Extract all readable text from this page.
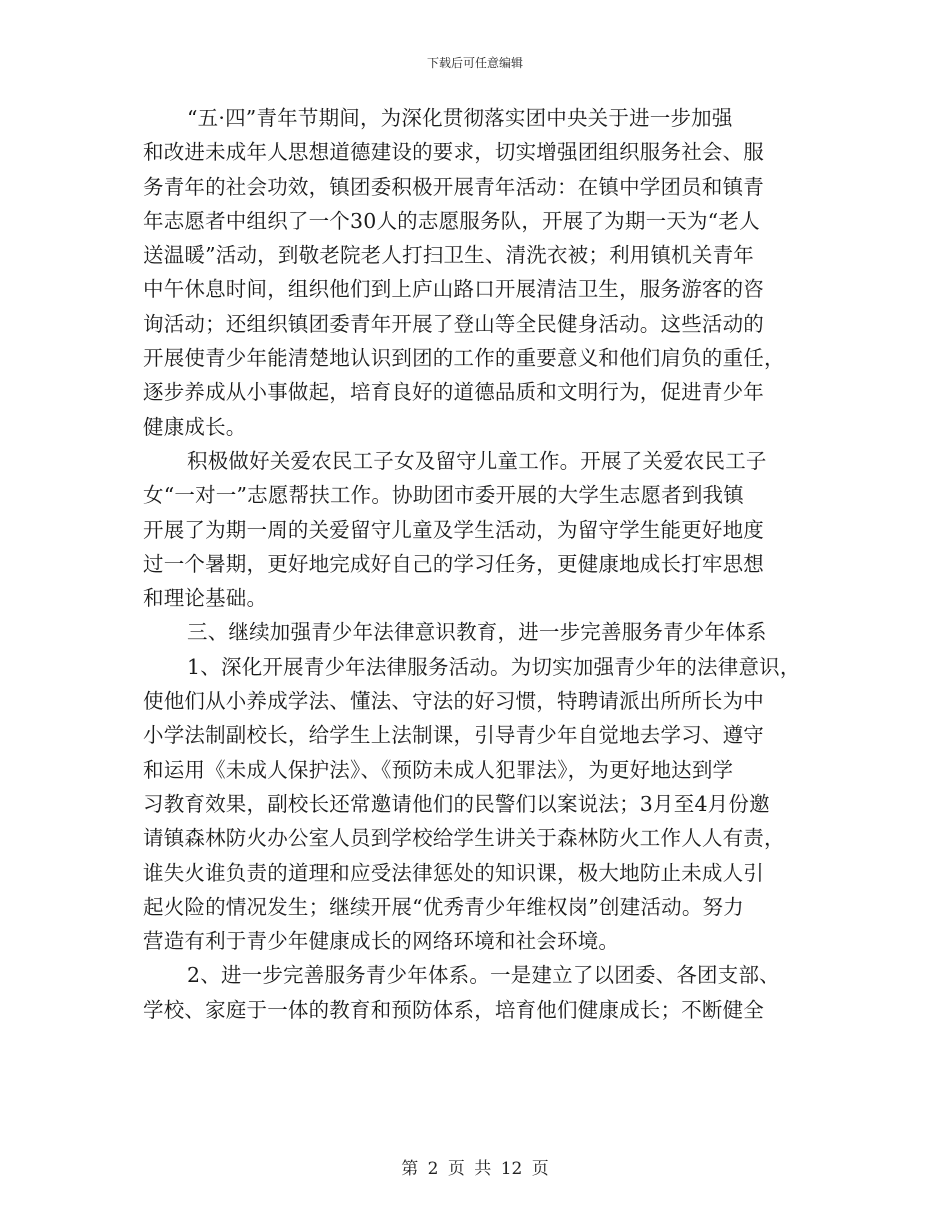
下载后可任意编辑
“五·四”青年节期间，为深化贯彻落实团中央关于进一步加强
和改进未成年人思想道德建设的要求，切实增强团组织服务社会、服
务青年的社会功效，镇团委积极开展青年活动：在镇中学团员和镇青
年志愿者中组织了一个30人的志愿服务队，开展了为期一天为“老人
送温暖”活动，到敬老院老人打扫卫生、清洗衣被；利用镇机关青年
中午休息时间，组织他们到上庐山路口开展清洁卫生，服务游客的咨
询活动；还组织镇团委青年开展了登山等全民健身活动。这些活动的
开展使青少年能清楚地认识到团的工作的重要意义和他们肩负的重任，
逐步养成从小事做起，培育良好的道德品质和文明行为，促进青少年
健康成长。
积极做好关爱农民工子女及留守儿童工作。开展了关爱农民工子
女“一对一”志愿帮扶工作。协助团市委开展的大学生志愿者到我镇
开展了为期一周的关爱留守儿童及学生活动，为留守学生能更好地度
过一个暑期，更好地完成好自己的学习任务，更健康地成长打牢思想
和理论基础。
三、继续加强青少年法律意识教育，进一步完善服务青少年体系
1、深化开展青少年法律服务活动。为切实加强青少年的法律意识，
使他们从小养成学法、懂法、守法的好习惯，特聘请派出所所长为中
小学法制副校长，给学生上法制课，引导青少年自觉地去学习、遵守
和运用《未成人保护法》、《预防未成人犯罪法》，为更好地达到学
习教育效果，副校长还常邀请他们的民警们以案说法；3月至4月份邀
请镇森林防火办公室人员到学校给学生讲关于森林防火工作人人有责，
谁失火谁负责的道理和应受法律惩处的知识课，极大地防止未成人引
起火险的情况发生；继续开展“优秀青少年维权岗”创建活动。努力
营造有利于青少年健康成长的网络环境和社会环境。
2、进一步完善服务青少年体系。一是建立了以团委、各团支部、
学校、家庭于一体的教育和预防体系，培育他们健康成长；不断健全
第 2 页 共 12 页
